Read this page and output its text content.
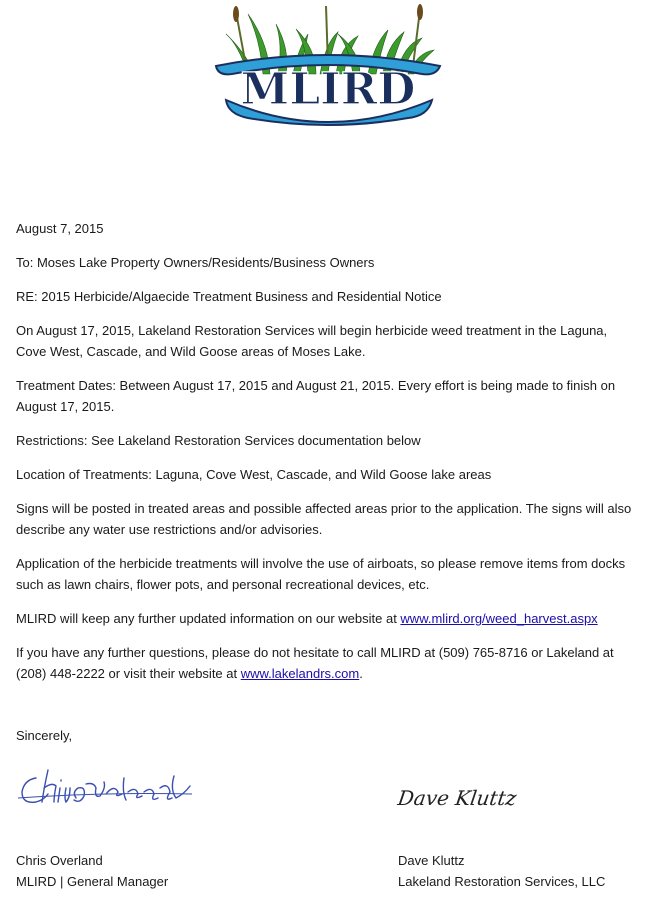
MLIRD

August 7, 2015

To: Moses Lake Property Owners/Residents/Business Owners

RE: 2015 Herbicide/Algaecide Treatment Business and Residential Notice

On August 17, 2015, Lakeland Restoration Services will begin herbicide weed treatment in the Laguna, Cove West, Cascade, and Wild Goose areas of Moses Lake.

Treatment Dates: Between August 17, 2015 and August 21, 2015. Every effort is being made to finish on August 17, 2015.

Restrictions: See Lakeland Restoration Services documentation below

Location of Treatments: Laguna, Cove West, Cascade, and Wild Goose lake areas

Signs will be posted in treated areas and possible affected areas prior to the application. The signs will also describe any water use restrictions and/or advisories.

Application of the herbicide treatments will involve the use of airboats, so please remove items from docks such as lawn chairs, flower pots, and personal recreational devices, etc.

MLIRD will keep any further updated information on our website at www.mlird.org/weed_harvest.aspx

If you have any further questions, please do not hesitate to call MLIRD at (509) 765-8716 or Lakeland at (208) 448-2222 or visit their website at www.lakelandrs.com.

Sincerely,
Dave Kluttz
Chris Overland
MLIRD | General Manager
Dave Kluttz
Lakeland Restoration Services, LLC
